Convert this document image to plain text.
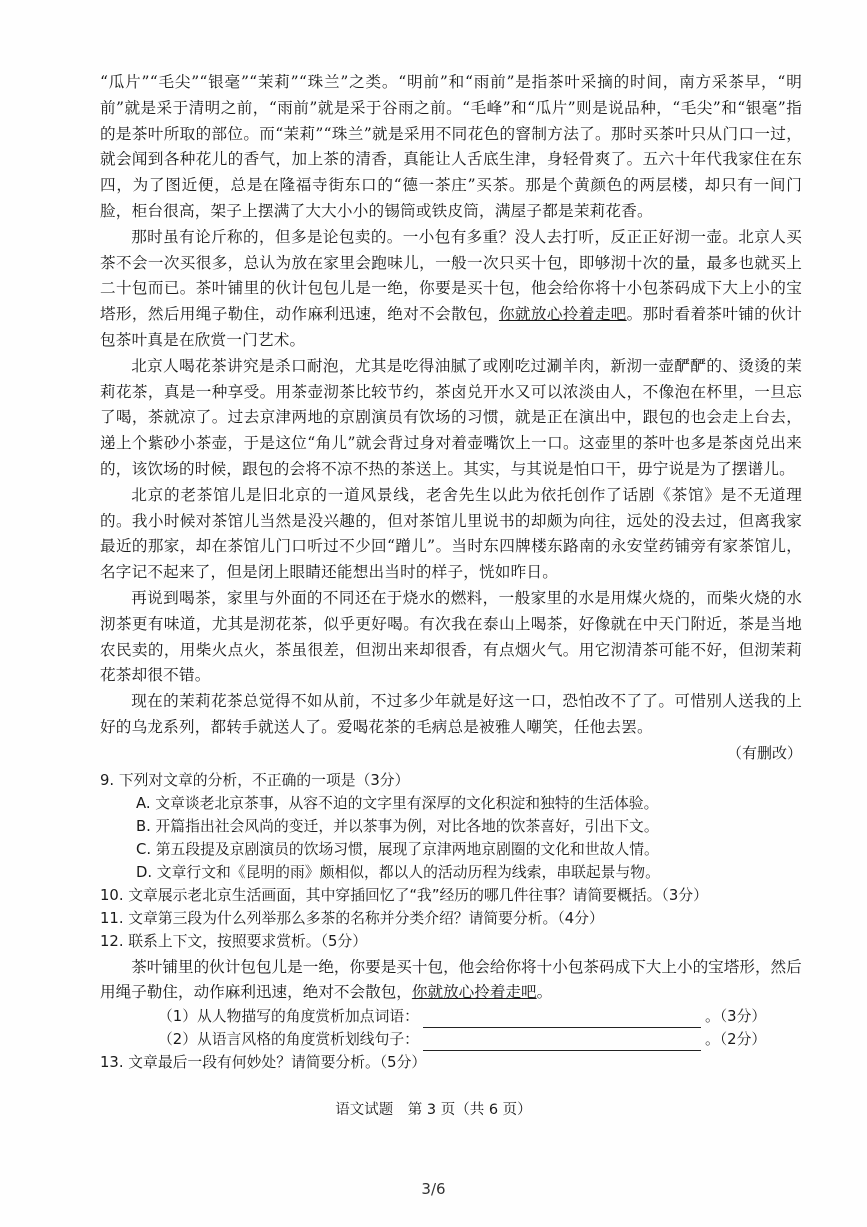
“瓜片”“毛尖”“银毫”“茉莉”“珠兰”之类。“明前”和“雨前”是指茶叶采摘的时间，南方采茶早，“明前”就是采于清明之前，“雨前”就是采于谷雨之前。“毛峰”和“瓜片”则是说品种，“毛尖”和“银毫”指的是茶叶所取的部位。而“茉莉”“珠兰”就是采用不同花色的窨制方法了。那时买茶叶只从门口一过，就会闻到各种花儿的香气，加上茶的清香，真能让人舌底生津，身轻骨爽了。五六十年代我家住在东四，为了图近便，总是在隆福寺街东口的“德一茶庄”买茶。那是个黄颜色的两层楼，却只有一间门脸，柜台很高，架子上摆满了大大小小的锡筒或铁皮筒，满屋子都是茉莉花香。

那时虽有论斤称的，但多是论包卖的。一小包有多重？没人去打听，反正正好沏一壶。北京人买茶不会一次买很多，总认为放在家里会跑味儿，一般一次只买十包，即够沏十次的量，最多也就买上二十包而已。茶叶铺里的伙计包包儿是一绝，你要是买十包，他会给你将十小包茶码成下大上小的宝塔形，然后用绳子勒住，动作麻利迅速，绝对不会散包，你就放心拎着走吧。那时看着茶叶铺的伙计包茶叶真是在欣赏一门艺术。

北京人喝花茶讲究是杀口耐泡，尤其是吃得油腻了或刚吃过涮羊肉，新沏一壶酽酽的、烫烫的茉莉花茶，真是一种享受。用茶壶沏茶比较节约，茶卤兑开水又可以浓淡由人，不像泡在杯里，一旦忘了喝，茶就凉了。过去京津两地的京剧演员有饮场的习惯，就是正在演出中，跟包的也会走上台去，递上个紫砂小茶壶，于是这位“角儿”就会背过身对着壶嘴饮上一口。这壶里的茶叶也多是茶卤兑出来的，该饮场的时候，跟包的会将不凉不热的茶送上。其实，与其说是怕口干，毋宁说是为了摆谱儿。

北京的老茶馆儿是旧北京的一道风景线，老舍先生以此为依托创作了话剧《茶馆》是不无道理的。我小时候对茶馆儿当然是没兴趣的，但对茶馆儿里说书的却颇为向往，远处的没去过，但离我家最近的那家，却在茶馆儿门口听过不少回“蹭儿”。当时东四牌楼东路南的永安堂药铺旁有家茶馆儿，名字记不起来了，但是闭上眼睛还能想出当时的样子，恍如昨日。

再说到喝茶，家里与外面的不同还在于烧水的燃料，一般家里的水是用煤火烧的，而柴火烧的水沏茶更有味道，尤其是沏花茶，似乎更好喝。有次我在泰山上喝茶，好像就在中天门附近，茶是当地农民卖的，用柴火点火，茶虽很差，但沏出来却很香，有点烟火气。用它沏清茶可能不好，但沏茉莉花茶却很不错。

现在的茉莉花茶总觉得不如从前，不过多少年就是好这一口，恐怕改不了了。可惜别人送我的上好的乌龙系列，都转手就送人了。爱喝花茶的毛病总是被雅人嘲笑，任他去罢。

（有删改）

9. 下列对文章的分析，不正确的一项是（3分）

A. 文章谈老北京茶事，从容不迫的文字里有深厚的文化积淀和独特的生活体验。

B. 开篇指出社会风尚的变迁，并以茶事为例，对比各地的饮茶喜好，引出下文。

C. 第五段提及京剧演员的饮场习惯，展现了京津两地京剧圈的文化和世故人情。

D. 文章行文和《昆明的雨》颇相似，都以人的活动历程为线索，串联起景与物。

10. 文章展示老北京生活画面，其中穿插回忆了“我”经历的哪几件往事？请简要概括。（3分）

11. 文章第三段为什么列举那么多茶的名称并分类介绍？请简要分析。（4分）

12. 联系上下文，按照要求赏析。（5分）

茶叶铺里的伙计包包儿是一绝，你要是买十包，他会给你将十小包茶码成下大上小的宝塔形，然后用绳子勒住，动作麻利迅速，绝对不会散包，你就放心拎着走吧。

（1）从人物描写的角度赏析加点词语：	。（3分）
（2）从语言风格的角度赏析划线句子：	。（2分）

13. 文章最后一段有何妙处？请简要分析。（5分）

语文试题　第 3 页（共 6 页）
3/6
